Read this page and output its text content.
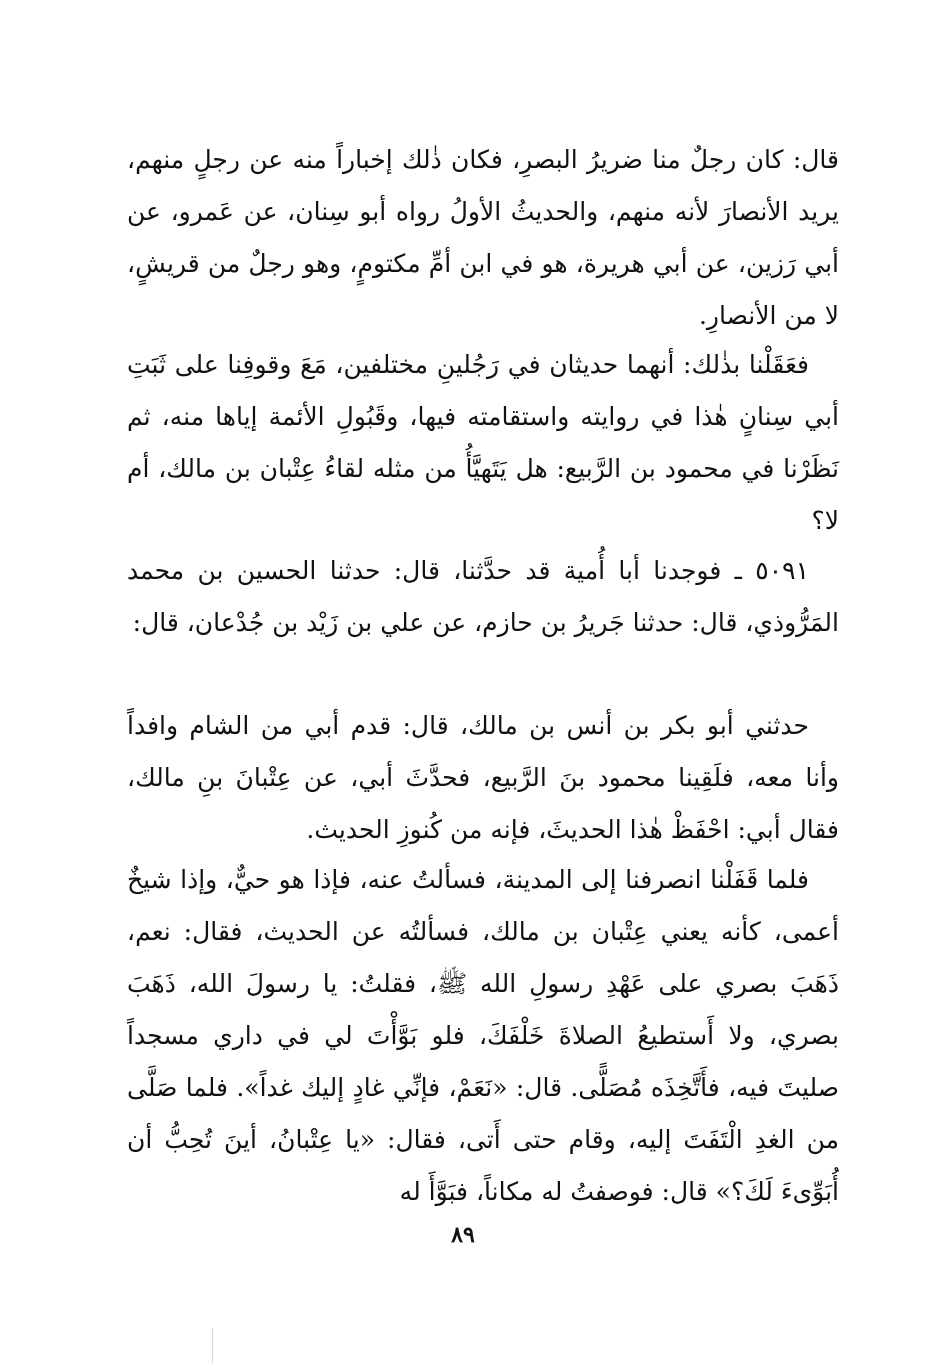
قال: كان رجلٌ منا ضريرُ البصرِ، فكان ذٰلك إخباراً منه عن رجلٍ منهم، يريد الأنصارَ لأنه منهم، والحديثُ الأولُ رواه أبو سِنان، عن عَمرو، عن أبي رَزين، عن أبي هريرة، هو في ابن أمِّ مكتومٍ، وهو رجلٌ من قريشٍ، لا من الأنصارِ.

فعَقَلْنا بذٰلك: أنهما حديثان في رَجُلينِ مختلفين، مَعَ وقوفِنا على ثَبَتِ أبي سِنانٍ هٰذا في روايته واستقامته فيها، وقَبُولِ الأئمة إياها منه، ثم نَظَرْنا في محمود بن الرَّبيع: هل يَتَهيَّأُ من مثله لقاءُ عِتْبان بن مالك، أم لا؟

٥٠٩١ ـ فوجدنا أبا أُمية قد حدَّثنا، قال: حدثنا الحسين بن محمد المَرُّوذي، قال: حدثنا جَريرُ بن حازم، عن علي بن زَيْد بن جُدْعان، قال:

حدثني أبو بكر بن أنس بن مالك، قال: قدم أبي من الشام وافداً وأنا معه، فلَقِينا محمود بنَ الرَّبيع، فحدَّثَ أبي، عن عِتْبانَ بنِ مالك، فقال أبي: احْفَظْ هٰذا الحديثَ، فإنه من كُنوزِ الحديث.

فلما قَفَلْنا انصرفنا إلى المدينة، فسألتُ عنه، فإذا هو حيٌّ، وإذا شيخٌ أعمى، كأنه يعني عِتْبان بن مالك، فسألتُه عن الحديث، فقال: نعم، ذَهَبَ بصري على عَهْدِ رسولِ الله ﷺ، فقلتُ: يا رسولَ الله، ذَهَبَ بصري، ولا أَستطيعُ الصلاةَ خَلْفَكَ، فلو بَوَّأْتَ لي في داري مسجداً صليتَ فيه، فأَتَّخِذَه مُصَلًّى. قال: «نَعَمْ، فإنِّي غادٍ إليك غداً». فلما صَلَّى من الغدِ الْتَفَتَ إليه، وقام حتى أَتى، فقال: «يا عِتْبانُ، أينَ تُحِبُّ أن أُبَوِّىءَ لَكَ؟» قال: فوصفتُ له مكاناً، فبَوَّأَ له

٨٩
